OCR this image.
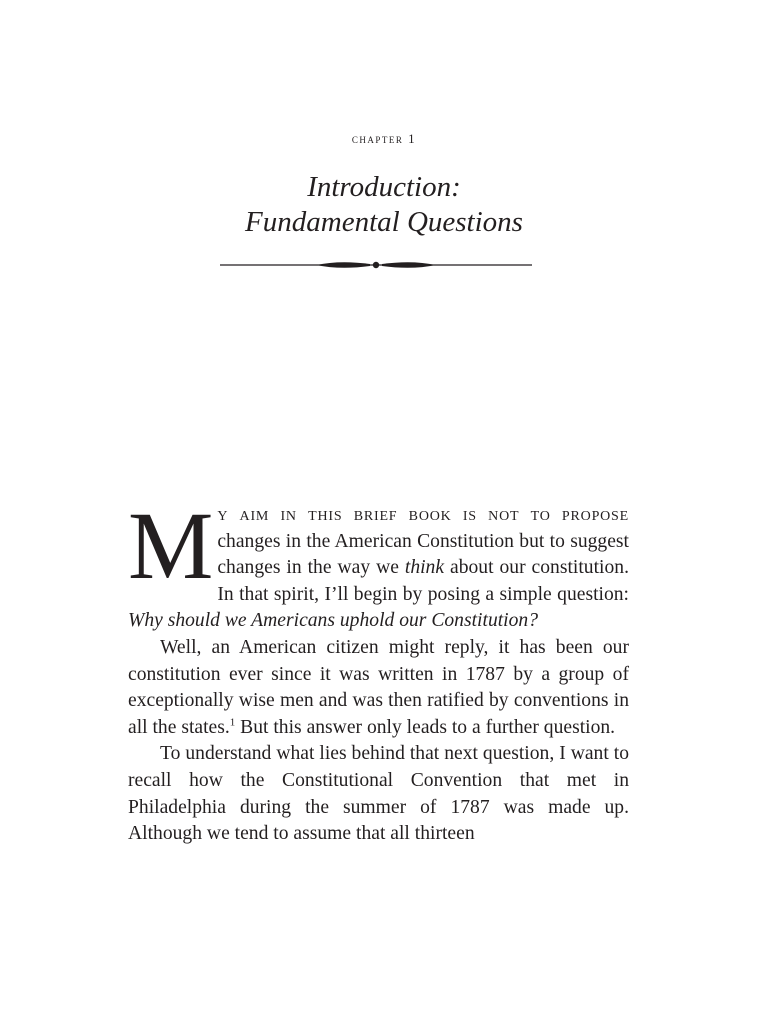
chapter 1
Introduction:
Fundamental Questions

M y aim in this brief book is not to propose changes in the American Constitution but to suggest changes in the way we think about our constitution. In that spirit, I’ll begin by posing a simple question: Why should we Americans uphold our Constitution?

Well, an American citizen might reply, it has been our constitution ever since it was written in 1787 by a group of exceptionally wise men and was then ratified by conventions in all the states.$^1$ But this answer only leads to a further question.

To understand what lies behind that next question, I want to recall how the Constitutional Convention that met in Philadelphia during the summer of 1787 was made up. Although we tend to assume that all thirteen
